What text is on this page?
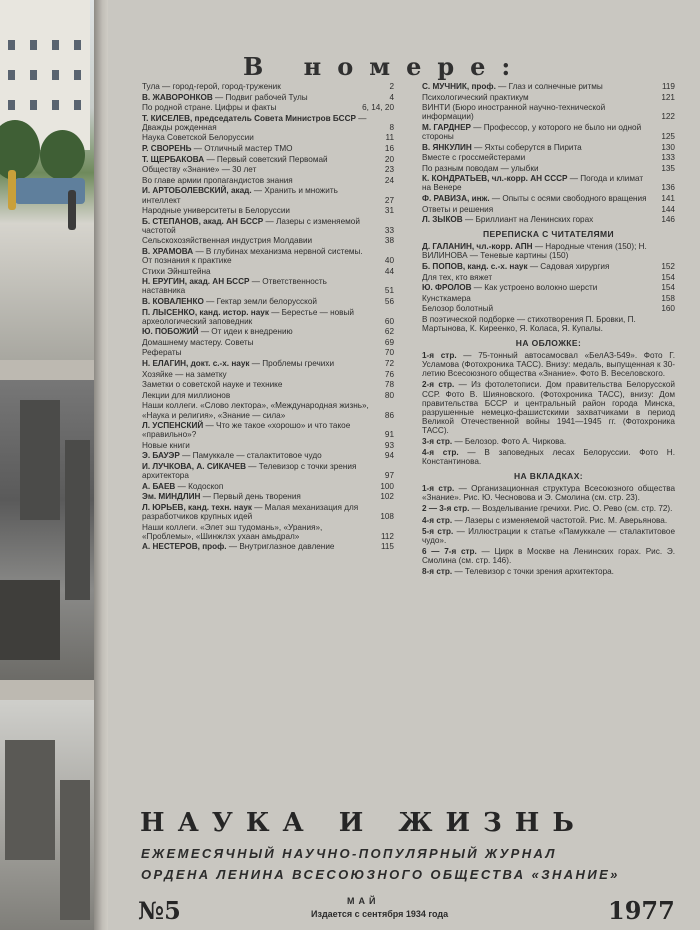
В номере:
Тула — город-герой, город-труженик	2
В. ЖАВОРОНКОВ — Подвиг рабочей Тулы	4
По родной стране. Цифры и факты	6, 14, 20
Т. КИСЕЛЕВ, председатель Совета Министров БССР — Дважды рожденная	8
Наука Советской Белоруссии	11
Р. СВОРЕНЬ — Отличный мастер ТМО	16
Т. ЩЕРБАКОВА — Первый советский Первомай	20
Обществу «Знание» — 30 лет	23
Во главе армии пропагандистов знания	24
И. АРТОБОЛЕВСКИЙ, акад. — Хранить и множить интеллект	27
Народные университеты в Белоруссии	31
Б. СТЕПАНОВ, акад. АН БССР — Лазеры с изменяемой частотой	33
Сельскохозяйственная индустрия Молдавии	38
В. ХРАМОВА — В глубинах механизма нервной системы. От познания к практике	40
Стихи Эйнштейна	44
Н. ЕРУГИН, акад. АН БССР — Ответственность наставника	51
В. КОВАЛЕНКО — Гектар земли белорусской	56
П. ЛЫСЕНКО, канд. истор. наук — Берестье — новый археологический заповедник	60
Ю. ПОБОЖИЙ — От идеи к внедрению	62
Домашнему мастеру. Советы	69
Рефераты	70
Н. ЕЛАГИН, докт. с.-х. наук — Проблемы гречихи	72
Хозяйке — на заметку	76
Заметки о советской науке и технике	78
Лекции для миллионов	80
Наши коллеги. «Слово лектора», «Международная жизнь», «Наука и религия», «Знание — сила»	86
Л. УСПЕНСКИЙ — Что же такое «хорошо» и что такое «правильно»?	91
Новые книги	93
Э. БАУЭР — Памуккале — сталактитовое чудо	94
И. ЛУЧКОВА, А. СИКАЧЕВ — Телевизор с точки зрения архитектора	97
А. БАЕВ — Кодоскоп	100
Эм. МИНДЛИН — Первый день творения	102
Л. ЮРЬЕВ, канд. техн. наук — Малая механизация для разработчиков крупных идей	108
Наши коллеги. «Элет эш тудомань», «Урания», «Проблемы», «Шинжлэх ухаан амьдрал»	112
А. НЕСТЕРОВ, проф. — Внутриглазное давление	115
С. МУЧНИК, проф. — Глаз и солнечные ритмы	119
Психологический практикум	121
ВИНТИ (Бюро иностранной научно-технической информации)	122
М. ГАРДНЕР — Профессор, у которого не было ни одной стороны	125
В. ЯНКУЛИН — Яхты соберутся в Пирита	130
Вместе с гроссмейстерами	133
По разным поводам — улыбки	135
К. КОНДРАТЬЕВ, чл.-корр. АН СССР — Погода и климат на Венере	136
Ф. РАВИЗА, инж. — Опыты с осями свободного вращения 141
Ответы и решения	144
Л. ЗЫКОВ — Бриллиант на Ленинских горах	146
ПЕРЕПИСКА С ЧИТАТЕЛЯМИ
Д. ГАЛАНИН, чл.-корр. АПН — Народные чтения (150); Н. ВИЛИНОВА — Теневые картины (150)
Б. ПОПОВ, канд. с.-х. наук — Садовая хирургия	152
Для тех, кто вяжет	154
Ю. ФРОЛОВ — Как устроено волокно шерсти	154
Кунсткамера	158
Белозор болотный	160
В поэтической подборке — стихотворения П. Бровки, П. Мартынова, К. Киреенко, Я. Коласа, Я. Купалы.
НА ОБЛОЖКЕ:
1-я стр. — 75-тонный автосамосвал «БелАЗ-549». Фото Г. Усламова (Фотохроника ТАСС). Внизу: медаль, выпущенная к 30-летию Всесоюзного общества «Знание». Фото В. Веселовского.
2-я стр. — Из фотолетописи. Дом правительства Белорусской ССР. Фото В. Шияновского. (Фотохроника ТАСС), внизу: Дом правительства БССР и центральный район города Минска, разрушенные немецко-фашистскими захватчиками в период Великой Отечественной войны 1941—1945 гг. (Фотохроника ТАСС).
3-я стр. — Белозор. Фото А. Чиркова.
4-я стр. — В заповедных лесах Белоруссии. Фото Н. Константинова.
НА ВКЛАДКАХ:
1-я стр. — Организационная структура Всесоюзного общества «Знание». Рис. Ю. Чесновова и Э. Смолина (см. стр. 23).
2 — 3-я стр. — Возделывание гречихи. Рис. О. Рево (см. стр. 72).
4-я стр. — Лазеры с изменяемой частотой. Рис. М. Аверьянова.
5-я стр. — Иллюстрации к статье «Памуккале — сталактитовое чудо».
6 — 7-я стр. — Цирк в Москве на Ленинских горах. Рис. Э. Смолина (см. стр. 146).
8-я стр. — Телевизор с точки зрения архитектора.
НАУКА И ЖИЗНЬ
ЕЖЕМЕСЯЧНЫЙ НАУЧНО-ПОПУЛЯРНЫЙ ЖУРНАЛ
ОРДЕНА ЛЕНИНА ВСЕСОЮЗНОГО ОБЩЕСТВА «ЗНАНИЕ»
№5	МАЙ
Издается с сентября 1934 года	1977
